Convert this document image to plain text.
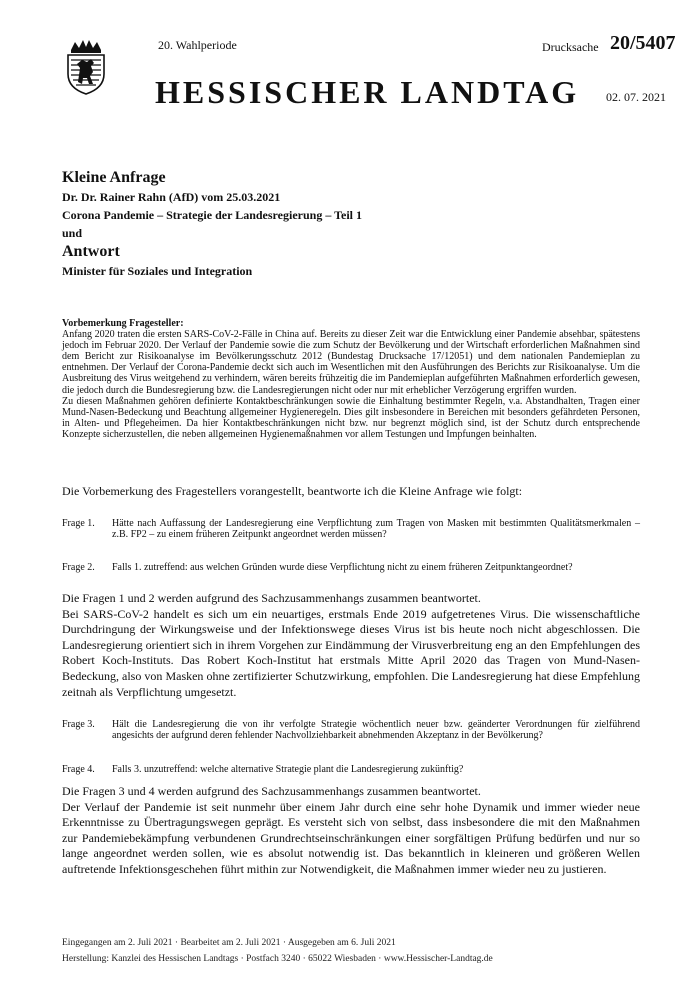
20. Wahlperiode	Drucksache 20/5407
HESSISCHER LANDTAG 02. 07. 2021
Kleine Anfrage
Dr. Dr. Rainer Rahn (AfD) vom 25.03.2021
Corona Pandemie – Strategie der Landesregierung – Teil 1
und
Antwort
Minister für Soziales und Integration
Vorbemerkung Fragesteller:

Anfang 2020 traten die ersten SARS-CoV-2-Fälle in China auf. Bereits zu dieser Zeit war die Entwicklung einer Pandemie absehbar, spätestens jedoch im Februar 2020. Der Verlauf der Pandemie sowie die zum Schutz der Bevölkerung und der Wirtschaft erforderlichen Maßnahmen sind dem Bericht zur Risikoanalyse im Bevölkerungsschutz 2012 (Bundestag Drucksache 17/12051) und dem nationalen Pandemieplan zu entnehmen. Der Verlauf der Corona-Pandemie deckt sich auch im Wesentlichen mit den Ausführungen des Berichts zur Risikoanalyse. Um die Ausbreitung des Virus weitgehend zu verhindern, wären bereits frühzeitig die im Pandemieplan aufgeführten Maßnahmen erforderlich gewesen, die jedoch durch die Bundesregierung bzw. die Landesregierungen nicht oder nur mit erheblicher Verzögerung ergriffen wurden.

Zu diesen Maßnahmen gehören definierte Kontaktbeschränkungen sowie die Einhaltung bestimmter Regeln, v.a. Abstandhalten, Tragen einer Mund-Nasen-Bedeckung und Beachtung allgemeiner Hygieneregeln. Dies gilt insbesondere in Bereichen mit besonders gefährdeten Personen, in Alten- und Pflegeheimen. Da hier Kontaktbeschränkungen nicht bzw. nur begrenzt möglich sind, ist der Schutz durch entsprechende Konzepte sicherzustellen, die neben allgemeinen Hygienemaßnahmen vor allem Testungen und Impfungen beinhalten.

Die Vorbemerkung des Fragestellers vorangestellt, beantworte ich die Kleine Anfrage wie folgt:
Frage 1.	Hätte nach Auffassung der Landesregierung eine Verpflichtung zum Tragen von Masken mit bestimmten Qualitätsmerkmalen – z.B. FP2 – zu einem früheren Zeitpunkt angeordnet werden müssen?
Frage 2.	Falls 1. zutreffend: aus welchen Gründen wurde diese Verpflichtung nicht zu einem früheren Zeitpunktangeordnet?

Die Fragen 1 und 2 werden aufgrund des Sachzusammenhangs zusammen beantwortet.

Bei SARS-CoV-2 handelt es sich um ein neuartiges, erstmals Ende 2019 aufgetretenes Virus. Die wissenschaftliche Durchdringung der Wirkungsweise und der Infektionswege dieses Virus ist bis heute noch nicht abgeschlossen. Die Landesregierung orientiert sich in ihrem Vorgehen zur Eindämmung der Virusverbreitung eng an den Empfehlungen des Robert Koch-Instituts. Das Robert Koch-Institut hat erstmals Mitte April 2020 das Tragen von Mund-Nasen-Bedeckung, also von Masken ohne zertifizierter Schutzwirkung, empfohlen. Die Landesregierung hat diese Empfehlung zeitnah als Verpflichtung umgesetzt.

Frage 3.	Hält die Landesregierung die von ihr verfolgte Strategie wöchentlich neuer bzw. geänderter Verordnungen für zielführend angesichts der aufgrund deren fehlender Nachvollziehbarkeit abnehmenden Akzeptanz in der Bevölkerung?
Frage 4.	Falls 3. unzutreffend: welche alternative Strategie plant die Landesregierung zukünftig?

Die Fragen 3 und 4 werden aufgrund des Sachzusammenhangs zusammen beantwortet.

Der Verlauf der Pandemie ist seit nunmehr über einem Jahr durch eine sehr hohe Dynamik und immer wieder neue Erkenntnisse zu Übertragungswegen geprägt. Es versteht sich von selbst, dass insbesondere die mit den Maßnahmen zur Pandemiebekämpfung verbundenen Grundrechtseinschränkungen einer sorgfältigen Prüfung bedürfen und nur so lange angeordnet werden sollen, wie es absolut notwendig ist. Das bekanntlich in kleineren und größeren Wellen auftretende Infektionsgeschehen führt mithin zur Notwendigkeit, die Maßnahmen immer wieder neu zu justieren.

Eingegangen am 2. Juli 2021 · Bearbeitet am 2. Juli 2021 · Ausgegeben am 6. Juli 2021
Herstellung: Kanzlei des Hessischen Landtags · Postfach 3240 · 65022 Wiesbaden · www.Hessischer-Landtag.de
